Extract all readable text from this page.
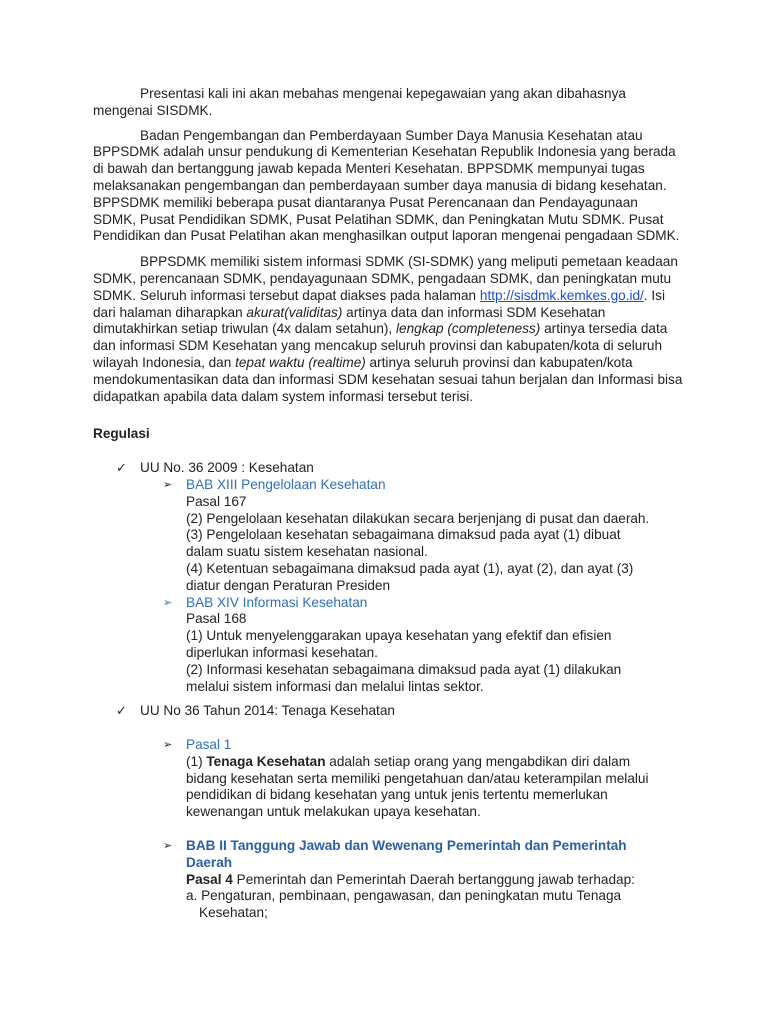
Presentasi kali ini akan mebahas mengenai kepegawaian yang akan dibahasnya mengenai SISDMK.

Badan Pengembangan dan Pemberdayaan Sumber Daya Manusia Kesehatan atau BPPSDMK adalah unsur pendukung di Kementerian Kesehatan Republik Indonesia yang berada di bawah dan bertanggung jawab kepada Menteri Kesehatan. BPPSDMK mempunyai tugas melaksanakan pengembangan dan pemberdayaan sumber daya manusia di bidang kesehatan. BPPSDMK memiliki beberapa pusat diantaranya Pusat Perencanaan dan Pendayagunaan SDMK, Pusat Pendidikan SDMK, Pusat Pelatihan SDMK, dan Peningkatan Mutu SDMK. Pusat Pendidikan dan Pusat Pelatihan akan menghasilkan output laporan mengenai pengadaan SDMK.

BPPSDMK memiliki sistem informasi SDMK (SI-SDMK) yang meliputi pemetaan keadaan SDMK, perencanaan SDMK, pendayagunaan SDMK, pengadaan SDMK, dan peningkatan mutu SDMK. Seluruh informasi tersebut dapat diakses pada halaman http://sisdmk.kemkes.go.id/. Isi dari halaman diharapkan akurat(validitas) artinya data dan informasi SDM Kesehatan dimutakhirkan setiap triwulan (4x dalam setahun), lengkap (completeness) artinya tersedia data dan informasi SDM Kesehatan yang mencakup seluruh provinsi dan kabupaten/kota di seluruh wilayah Indonesia, dan tepat waktu (realtime) artinya seluruh provinsi dan kabupaten/kota mendokumentasikan data dan informasi SDM kesehatan sesuai tahun berjalan dan Informasi bisa didapatkan apabila data dalam system informasi tersebut terisi.

Regulasi

✓ UU No. 36 2009 : Kesehatan
➢ BAB XIII Pengelolaan Kesehatan

Pasal 167

(2) Pengelolaan kesehatan dilakukan secara berjenjang di pusat dan daerah.

(3) Pengelolaan kesehatan sebagaimana dimaksud pada ayat (1) dibuat

dalam suatu sistem kesehatan nasional.

(4) Ketentuan sebagaimana dimaksud pada ayat (1), ayat (2), dan ayat (3)

diatur dengan Peraturan Presiden

➢ BAB XIV Informasi Kesehatan

Pasal 168

(1) Untuk menyelenggarakan upaya kesehatan yang efektif dan efisien

diperlukan informasi kesehatan.

(2) Informasi kesehatan sebagaimana dimaksud pada ayat (1) dilakukan

melalui sistem informasi dan melalui lintas sektor.

✓ UU No 36 Tahun 2014: Tenaga Kesehatan
➢ Pasal 1

(1) Tenaga Kesehatan adalah setiap orang yang mengabdikan diri dalam bidang kesehatan serta memiliki pengetahuan dan/atau keterampilan melalui pendidikan di bidang kesehatan yang untuk jenis tertentu memerlukan kewenangan untuk melakukan upaya kesehatan.

➢ BAB II Tanggung Jawab dan Wewenang Pemerintah dan Pemerintah

Daerah

Pasal 4 Pemerintah dan Pemerintah Daerah bertanggung jawab terhadap:

a. Pengaturan, pembinaan, pengawasan, dan peningkatan mutu Tenaga

Kesehatan;
